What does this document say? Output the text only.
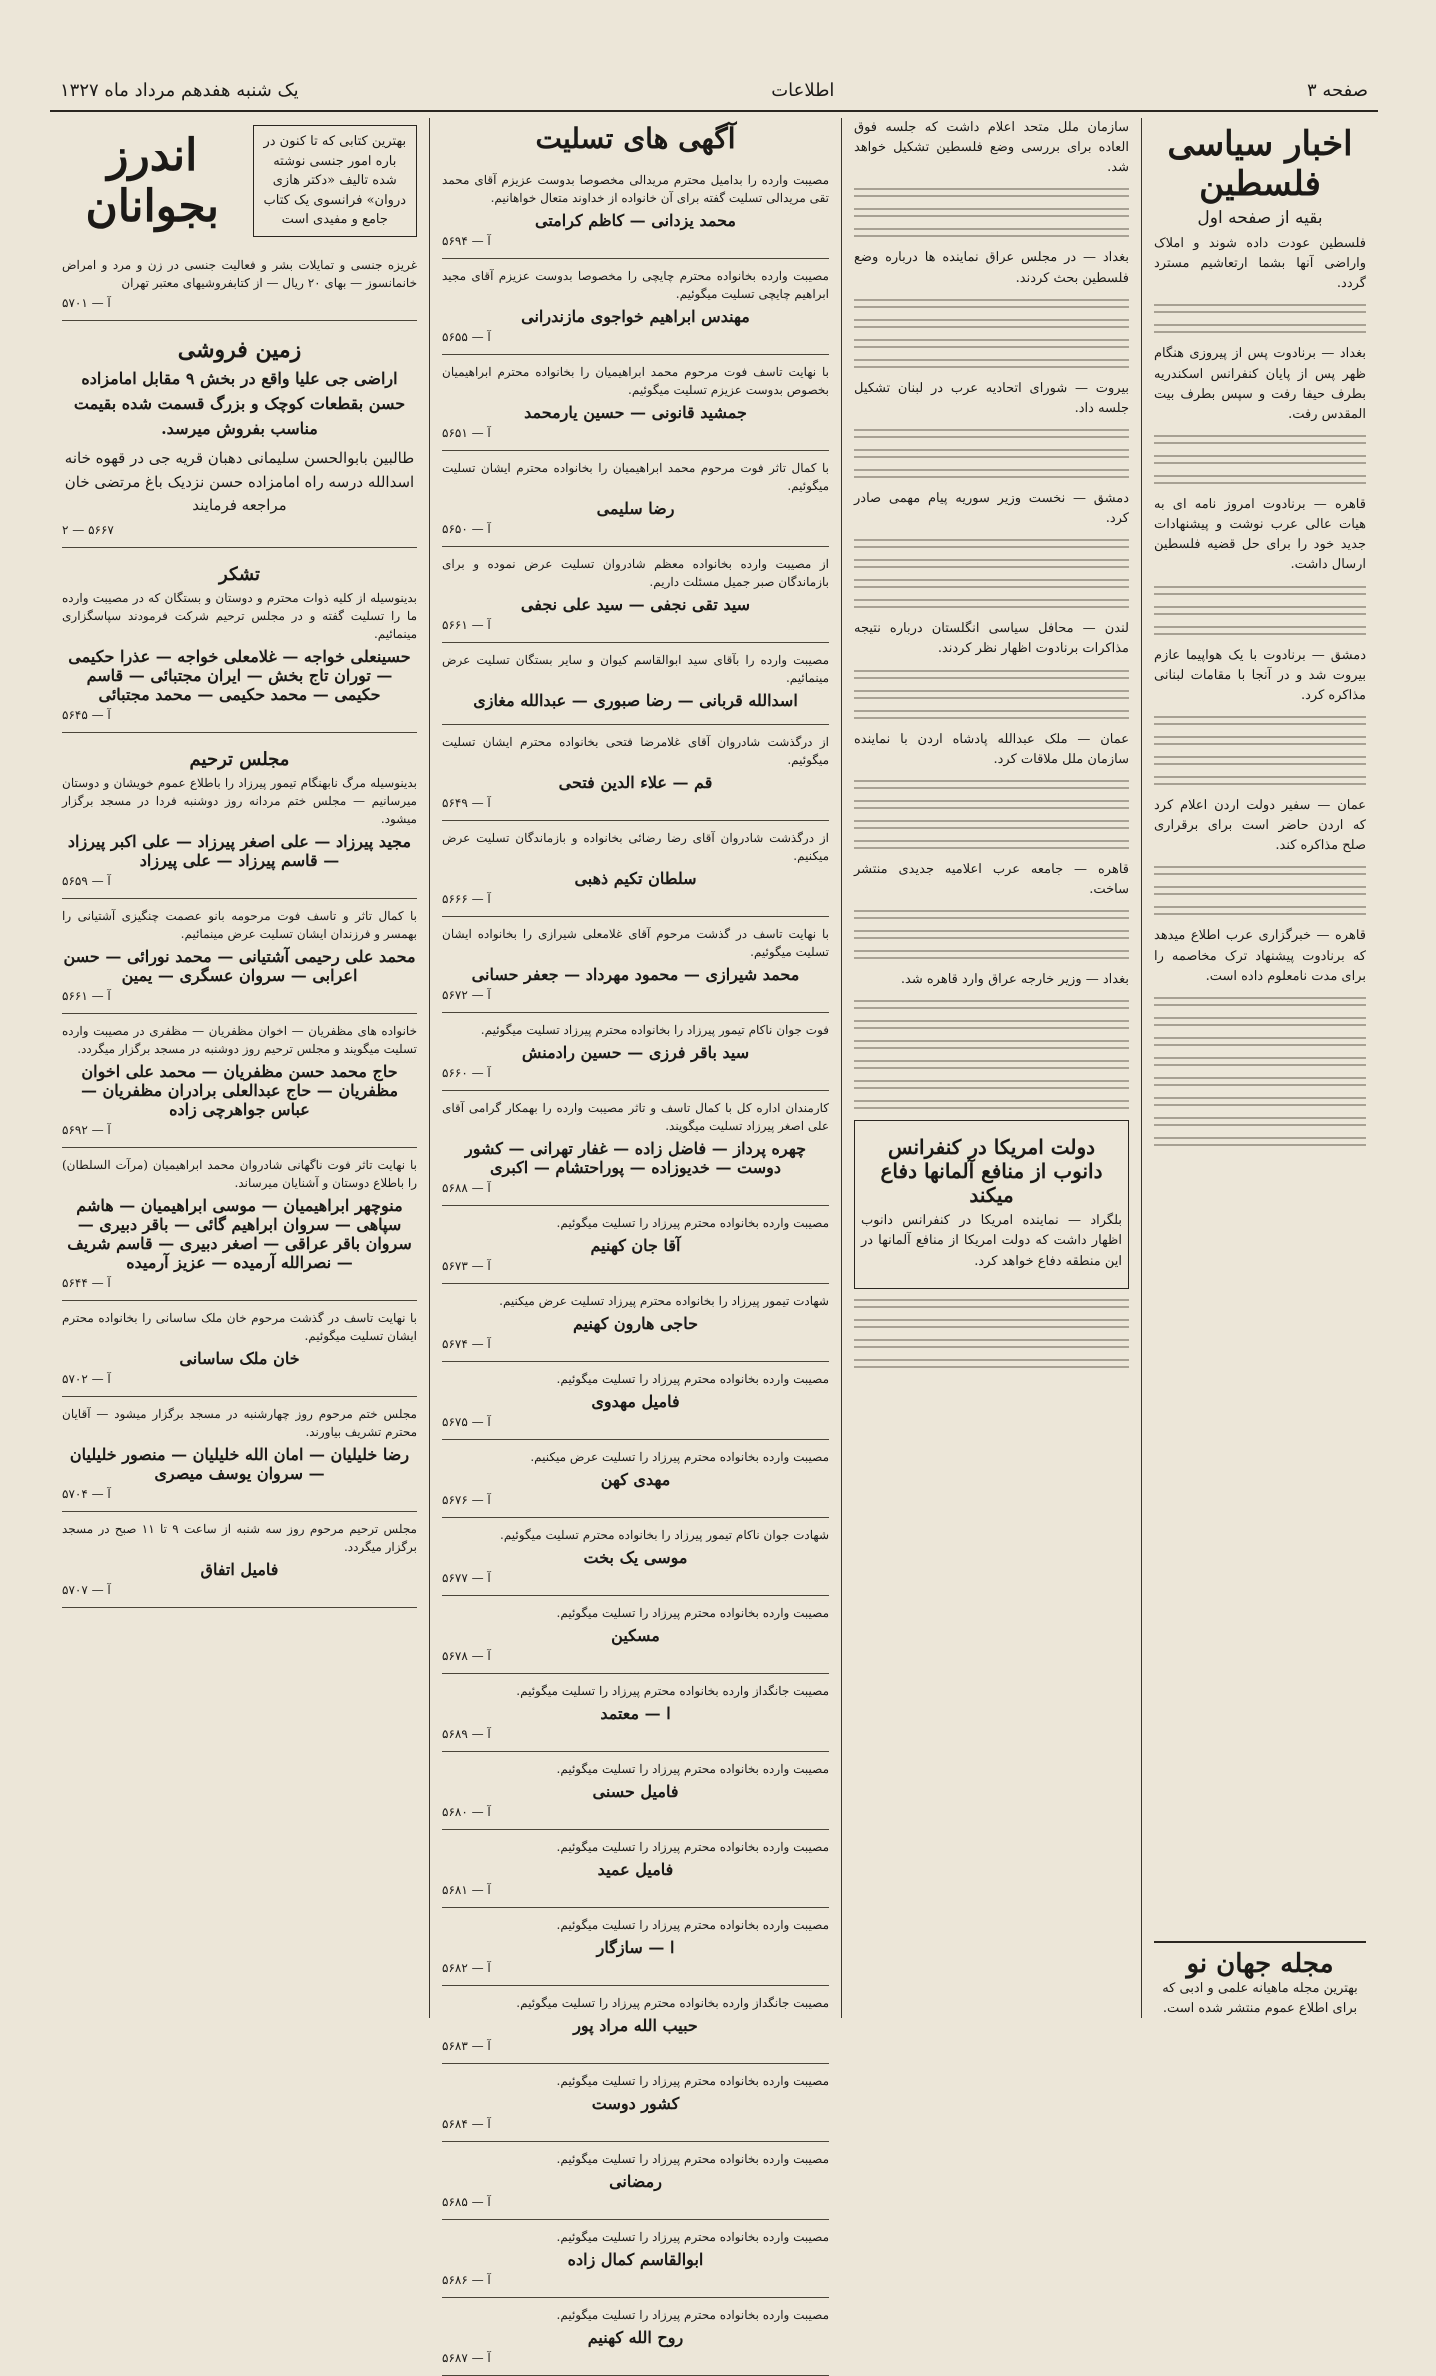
صفحه ۳
اطلاعات
یک شنبه هفدهم مرداد ماه ۱۳۲۷
اخبار سیاسی فلسطین
بقیه از صفحه اول

فلسطین عودت داده شوند و املاک واراضی آنها بشما ارتعاشیم مسترد گردد.

بغداد — برنادوت پس از پیروزی هنگام ظهر پس از پایان کنفرانس اسکندریه بطرف حیفا رفت و سپس بطرف بیت المقدس رفت.

قاهره — برنادوت امروز نامه ای به هیات عالی عرب نوشت و پیشنهادات جدید خود را برای حل قضیه فلسطین ارسال داشت.

دمشق — برنادوت با یک هواپیما عازم بیروت شد و در آنجا با مقامات لبنانی مذاکره کرد.

عمان — سفیر دولت اردن اعلام کرد که اردن حاضر است برای برقراری صلح مذاکره کند.

قاهره — خبرگزاری عرب اطلاع میدهد که برنادوت پیشنهاد ترک مخاصمه را برای مدت نامعلوم داده است.

مجله جهان نو
بهترین مجله ماهیانه علمی و ادبی که برای اطلاع عموم منتشر شده است.

سازمان ملل متحد اعلام داشت که جلسه فوق العاده برای بررسی وضع فلسطین تشکیل خواهد شد.

بغداد — در مجلس عراق نماینده ها درباره وضع فلسطین بحث کردند.

بیروت — شورای اتحادیه عرب در لبنان تشکیل جلسه داد.

دمشق — نخست وزیر سوریه پیام مهمی صادر کرد.

لندن — محافل سیاسی انگلستان درباره نتیجه مذاکرات برنادوت اظهار نظر کردند.

عمان — ملک عبدالله پادشاه اردن با نماینده سازمان ملل ملاقات کرد.

قاهره — جامعه عرب اعلامیه جدیدی منتشر ساخت.

بغداد — وزیر خارجه عراق وارد قاهره شد.

دولت امریکا در کنفرانس دانوب از منافع آلمانها دفاع میکند

بلگراد — نماینده امریکا در کنفرانس دانوب اظهار داشت که دولت امریکا از منافع آلمانها در این منطقه دفاع خواهد کرد.

آگهی های تسلیت
مصیبت وارده را بدامیل محترم مریدالی مخصوصا بدوست عزیزم آقای محمد تقی مریدالی تسلیت گفته برای آن خانواده از خداوند متعال خواهانیم.
محمد یزدانی — کاظم کرامتی
آ — ۵۶۹۴
مصیبت وارده بخانواده محترم چایچی را مخصوصا بدوست عزیزم آقای مجید ابراهیم چایچی تسلیت میگوئیم.
مهندس ابراهیم خواجوی مازندرانی
آ — ۵۶۵۵
با نهایت تاسف فوت مرحوم محمد ابراهیمیان را بخانواده محترم ابراهیمیان بخصوص بدوست عزیزم تسلیت میگوئیم.
جمشید قانونی — حسین یارمحمد
آ — ۵۶۵۱
با کمال تاثر فوت مرحوم محمد ابراهیمیان را بخانواده محترم ایشان تسلیت میگوئیم.
رضا سلیمی
آ — ۵۶۵۰
از مصیبت وارده بخانواده معظم شادروان تسلیت عرض نموده و برای بازماندگان صبر جمیل مسئلت داریم.
سید تقی نجفی — سید علی نجفی
آ — ۵۶۶۱
مصیبت وارده را بآقای سید ابوالقاسم کیوان و سایر بستگان تسلیت عرض مینمائیم.
اسدالله قربانی — رضا صبوری — عبدالله مغازی
از درگذشت شادروان آقای غلامرضا فتحی بخانواده محترم ایشان تسلیت میگوئیم.
قم — علاء الدین فتحی
آ — ۵۶۴۹
از درگذشت شادروان آقای رضا رضائی بخانواده و بازماندگان تسلیت عرض میکنیم.
سلطان تکیم ذهبی
آ — ۵۶۶۶
با نهایت تاسف در گذشت مرحوم آقای غلامعلی شیرازی را بخانواده ایشان تسلیت میگوئیم.
محمد شیرازی — محمود مهرداد — جعفر حسانی
آ — ۵۶۷۲
فوت جوان ناکام تیمور پیرزاد را بخانواده محترم پیرزاد تسلیت میگوئیم.
سید باقر فرزی — حسین رادمنش
آ — ۵۶۶۰
کارمندان اداره کل با کمال تاسف و تاثر مصیبت وارده را بهمکار گرامی آقای علی اصغر پیرزاد تسلیت میگویند.
چهره پرداز — فاضل زاده — غفار تهرانی — کشور دوست — خدیوزاده — پوراحتشام — اکبری
آ — ۵۶۸۸
مصیبت وارده بخانواده محترم پیرزاد را تسلیت میگوئیم.
آقا جان کهنیم
آ — ۵۶۷۳
شهادت تیمور پیرزاد را بخانواده محترم پیرزاد تسلیت عرض میکنیم.
حاجی هارون کهنیم
آ — ۵۶۷۴
مصیبت وارده بخانواده محترم پیرزاد را تسلیت میگوئیم.
فامیل مهدوی
آ — ۵۶۷۵
مصیبت وارده بخانواده محترم پیرزاد را تسلیت عرض میکنیم.
مهدی کهن
آ — ۵۶۷۶
شهادت جوان ناکام تیمور پیرزاد را بخانواده محترم تسلیت میگوئیم.
موسی یک بخت
آ — ۵۶۷۷
مصیبت وارده بخانواده محترم پیرزاد را تسلیت میگوئیم.
مسکین
آ — ۵۶۷۸
مصیبت جانگداز وارده بخانواده محترم پیرزاد را تسلیت میگوئیم.
ا — معتمد
آ — ۵۶۸۹
مصیبت وارده بخانواده محترم پیرزاد را تسلیت میگوئیم.
فامیل حسنی
آ — ۵۶۸۰
مصیبت وارده بخانواده محترم پیرزاد را تسلیت میگوئیم.
فامیل عمید
آ — ۵۶۸۱
مصیبت وارده بخانواده محترم پیرزاد را تسلیت میگوئیم.
ا — سازگار
آ — ۵۶۸۲
مصیبت جانگداز وارده بخانواده محترم پیرزاد را تسلیت میگوئیم.
حبیب الله مراد پور
آ — ۵۶۸۳
مصیبت وارده بخانواده محترم پیرزاد را تسلیت میگوئیم.
کشور دوست
آ — ۵۶۸۴
مصیبت وارده بخانواده محترم پیرزاد را تسلیت میگوئیم.
رمضانی
آ — ۵۶۸۵
مصیبت وارده بخانواده محترم پیرزاد را تسلیت میگوئیم.
ابوالقاسم کمال زاده
آ — ۵۶۸۶
مصیبت وارده بخانواده محترم پیرزاد را تسلیت میگوئیم.
روح الله کهنیم
آ — ۵۶۸۷
بهترین کتابی که تا کنون در باره امور جنسی نوشته شده تالیف «دکتر هازی دروان» فرانسوی یک کتاب جامع و مفیدی است
اندرز بجوانان
غریزه جنسی و تمایلات بشر و فعالیت جنسی در زن و مرد و امراض خانمانسوز — بهای ۲۰ ریال — از کتابفروشیهای معتبر تهران
آ — ۵۷۰۱
زمین فروشی
اراضی جی علیا واقع در بخش ۹ مقابل امامزاده حسن بقطعات کوچک و بزرگ قسمت شده بقیمت مناسب بفروش میرسد.
طالبین بابوالحسن سلیمانی دهبان قریه جی در قهوه خانه اسدالله درسه راه امامزاده حسن نزدیک باغ مرتضی خان مراجعه فرمایند
۵۶۶۷ — ۲
تشکر
بدینوسیله از کلیه ذوات محترم و دوستان و بستگان که در مصیبت وارده ما را تسلیت گفته و در مجلس ترحیم شرکت فرمودند سپاسگزاری مینمائیم.
حسینعلی خواجه — غلامعلی خواجه — عذرا حکیمی — توران تاج بخش — ایران مجتبائی — قاسم حکیمی — محمد حکیمی — محمد مجتبائی
آ — ۵۶۴۵
مجلس ترحیم
بدینوسیله مرگ نابهنگام تیمور پیرزاد را باطلاع عموم خویشان و دوستان میرسانیم — مجلس ختم مردانه روز دوشنبه فردا در مسجد برگزار میشود.
مجید پیرزاد — علی اصغر پیرزاد — علی اکبر پیرزاد — قاسم پیرزاد — علی پیرزاد
آ — ۵۶۵۹
با کمال تاثر و تاسف فوت مرحومه بانو عصمت چنگیزی آشتیانی را بهمسر و فرزندان ایشان تسلیت عرض مینمائیم.
محمد علی رحیمی آشتیانی — محمد نورائی — حسن اعرابی — سروان عسگری — یمین
آ — ۵۶۶۱
خانواده های مظفریان — اخوان مظفریان — مظفری در مصیبت وارده تسلیت میگویند و مجلس ترحیم روز دوشنبه در مسجد برگزار میگردد.
حاج محمد حسن مظفریان — محمد علی اخوان مظفریان — حاج عبدالعلی برادران مظفریان — عباس جواهرچی زاده
آ — ۵۶۹۲
با نهایت تاثر فوت ناگهانی شادروان محمد ابراهیمیان (مرآت السلطان) را باطلاع دوستان و آشنایان میرساند.
منوچهر ابراهیمیان — موسی ابراهیمیان — هاشم سپاهی — سروان ابراهیم گائی — باقر دبیری — سروان باقر عراقی — اصغر دبیری — قاسم شریف — نصرالله آرمیده — عزیز آرمیده
آ — ۵۶۴۴
با نهایت تاسف در گذشت مرحوم خان ملک ساسانی را بخانواده محترم ایشان تسلیت میگوئیم.
خان ملک ساسانی
آ — ۵۷۰۲
مجلس ختم مرحوم روز چهارشنبه در مسجد برگزار میشود — آقایان محترم تشریف بیاورند.
رضا خلیلیان — امان الله خلیلیان — منصور خلیلیان — سروان یوسف میصری
آ — ۵۷۰۴
مجلس ترحیم مرحوم روز سه شنبه از ساعت ۹ تا ۱۱ صبح در مسجد برگزار میگردد.
فامیل اتفاق
آ — ۵۷۰۷
